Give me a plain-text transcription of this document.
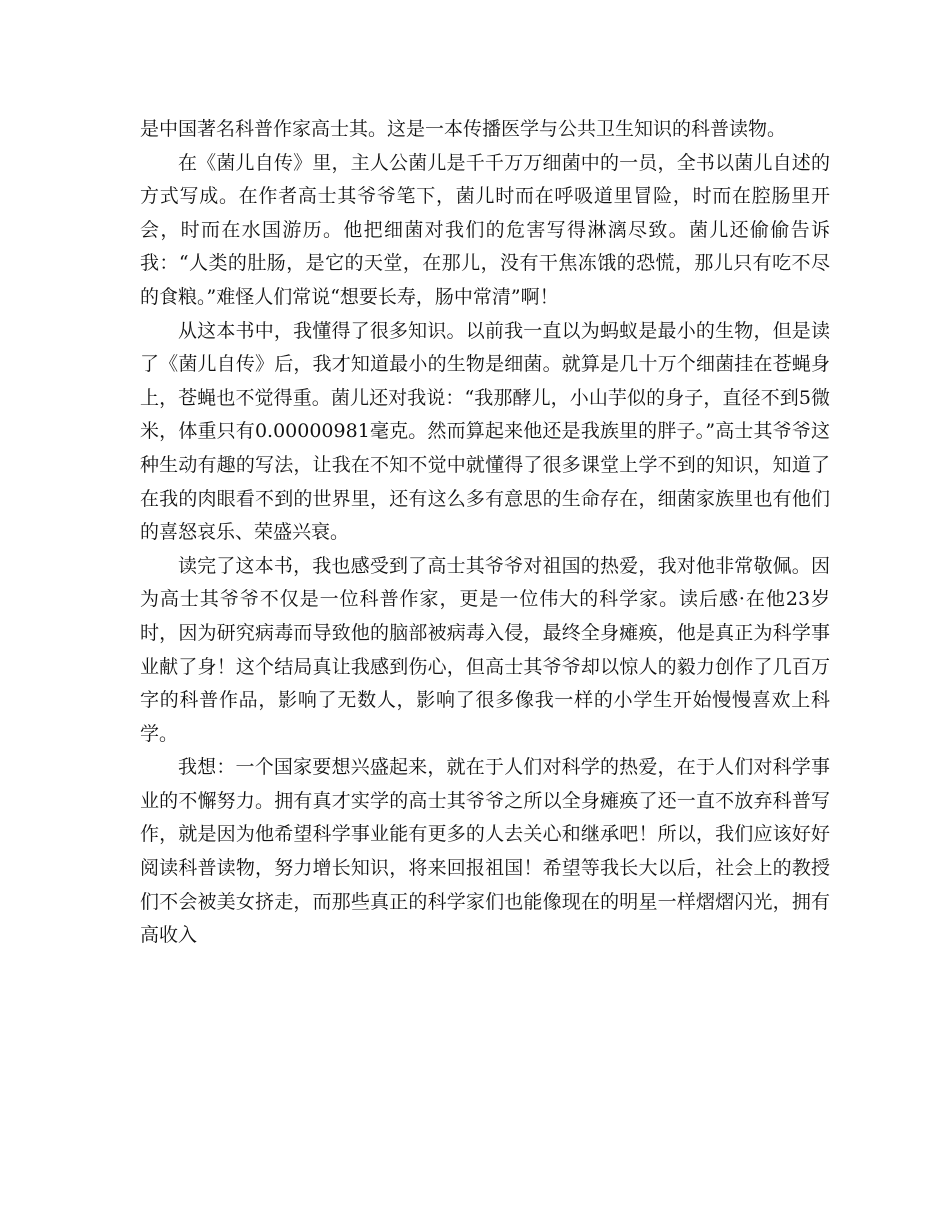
是中国著名科普作家高士其。这是一本传播医学与公共卫生知识的科普读物。

在《菌儿自传》里，主人公菌儿是千千万万细菌中的一员，全书以菌儿自述的方式写成。在作者高士其爷爷笔下，菌儿时而在呼吸道里冒险，时而在腔肠里开会，时而在水国游历。他把细菌对我们的危害写得淋漓尽致。菌儿还偷偷告诉我：“人类的肚肠，是它的天堂，在那儿，没有干焦冻饿的恐慌，那儿只有吃不尽的食粮。”难怪人们常说“想要长寿，肠中常清”啊！

从这本书中，我懂得了很多知识。以前我一直以为蚂蚁是最小的生物，但是读了《菌儿自传》后，我才知道最小的生物是细菌。就算是几十万个细菌挂在苍蝇身上，苍蝇也不觉得重。菌儿还对我说：“我那酵儿，小山芋似的身子，直径不到5微米，体重只有0.00000981毫克。然而算起来他还是我族里的胖子。”高士其爷爷这种生动有趣的写法，让我在不知不觉中就懂得了很多课堂上学不到的知识，知道了在我的肉眼看不到的世界里，还有这么多有意思的生命存在，细菌家族里也有他们的喜怒哀乐、荣盛兴衰。

读完了这本书，我也感受到了高士其爷爷对祖国的热爱，我对他非常敬佩。因为高士其爷爷不仅是一位科普作家，更是一位伟大的科学家。读后感·在他23岁时，因为研究病毒而导致他的脑部被病毒入侵，最终全身瘫痪，他是真正为科学事业献了身！这个结局真让我感到伤心，但高士其爷爷却以惊人的毅力创作了几百万字的科普作品，影响了无数人，影响了很多像我一样的小学生开始慢慢喜欢上科学。

我想：一个国家要想兴盛起来，就在于人们对科学的热爱，在于人们对科学事业的不懈努力。拥有真才实学的高士其爷爷之所以全身瘫痪了还一直不放弃科普写作，就是因为他希望科学事业能有更多的人去关心和继承吧！所以，我们应该好好阅读科普读物，努力增长知识，将来回报祖国！希望等我长大以后，社会上的教授们不会被美女挤走，而那些真正的科学家们也能像现在的明星一样熠熠闪光，拥有高收入
